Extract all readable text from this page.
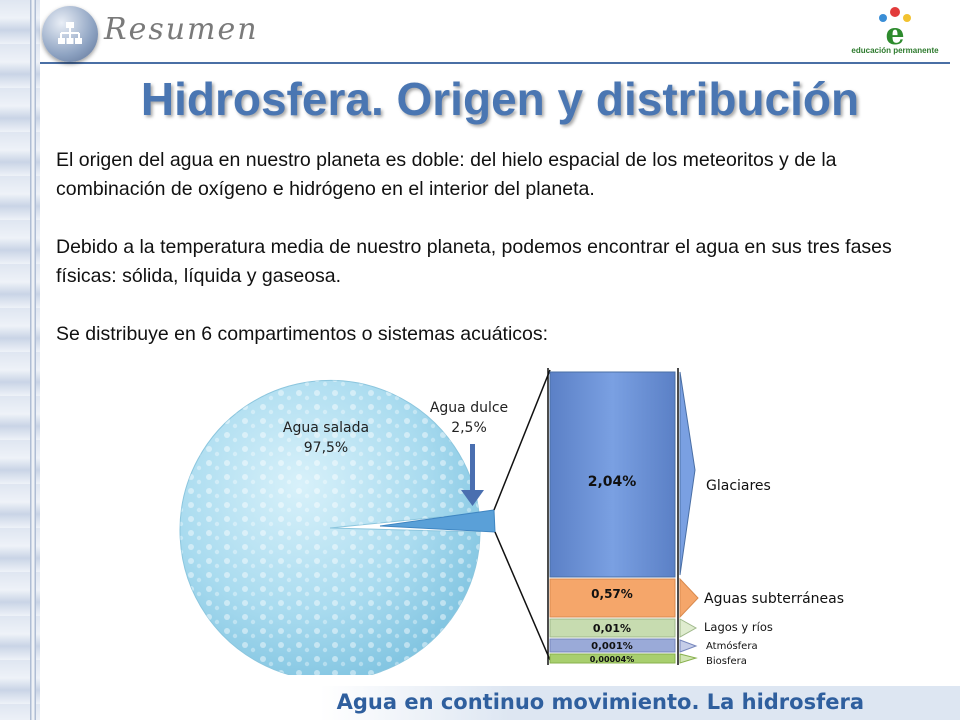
Resumen	e
educación permanente
Hidrosfera. Origen y distribución

El origen del agua en nuestro planeta es doble: del hielo espacial de los meteoritos y de la combinación de oxígeno e hidrógeno en el interior del planeta.

Debido a la temperatura media de nuestro planeta, podemos encontrar el agua en sus tres fases físicas: sólida, líquida y gaseosa.

Se distribuye en 6 compartimentos o sistemas acuáticos:

Agua salada
97,5%
Agua dulce
2,5%
2,04%
0,57%
0,01%
0,001%
0,00004%
Glaciares
Aguas subterráneas
Lagos y ríos
Atmósfera
Biosfera
Agua en continuo movimiento. La hidrosfera
